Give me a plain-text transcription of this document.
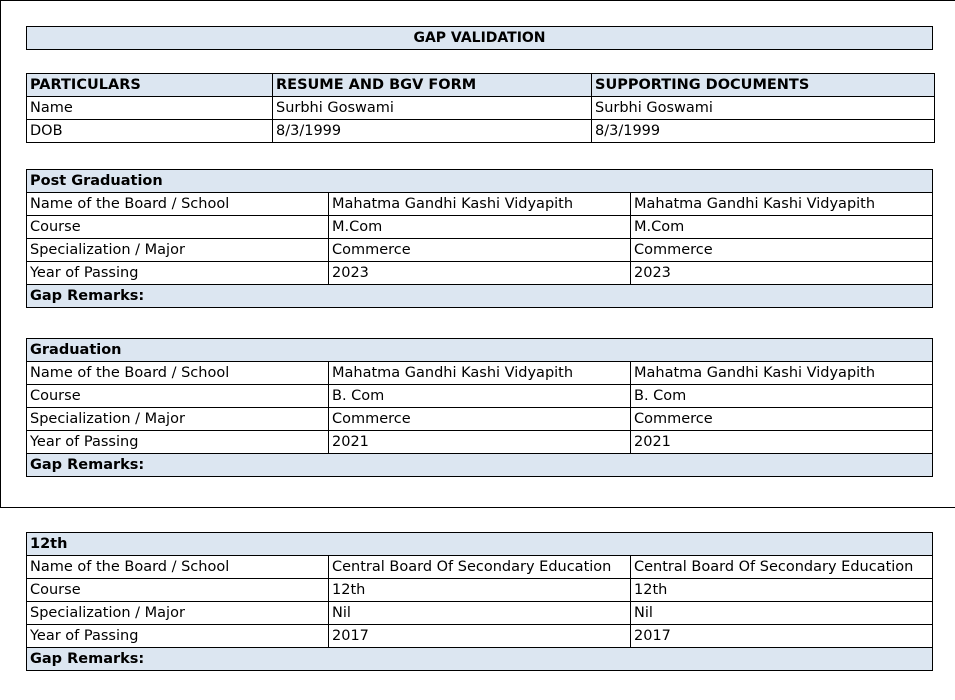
GAP VALIDATION
PARTICULARS	RESUME AND BGV FORM	SUPPORTING DOCUMENTS
Name	Surbhi Goswami	Surbhi Goswami
DOB	8/3/1999	8/3/1999
Post Graduation		
Name of the Board / School	Mahatma Gandhi Kashi Vidyapith	Mahatma Gandhi Kashi Vidyapith
Course	M.Com	M.Com
Specialization / Major	Commerce	Commerce
Year of Passing	2023	2023
Gap Remarks:		
Graduation		
Name of the Board / School	Mahatma Gandhi Kashi Vidyapith	Mahatma Gandhi Kashi Vidyapith
Course	B. Com	B. Com
Specialization / Major	Commerce	Commerce
Year of Passing	2021	2021
Gap Remarks:		
12th		
Name of the Board / School	Central Board Of Secondary Education	Central Board Of Secondary Education
Course	12th	12th
Specialization / Major	Nil	Nil
Year of Passing	2017	2017
Gap Remarks:		
